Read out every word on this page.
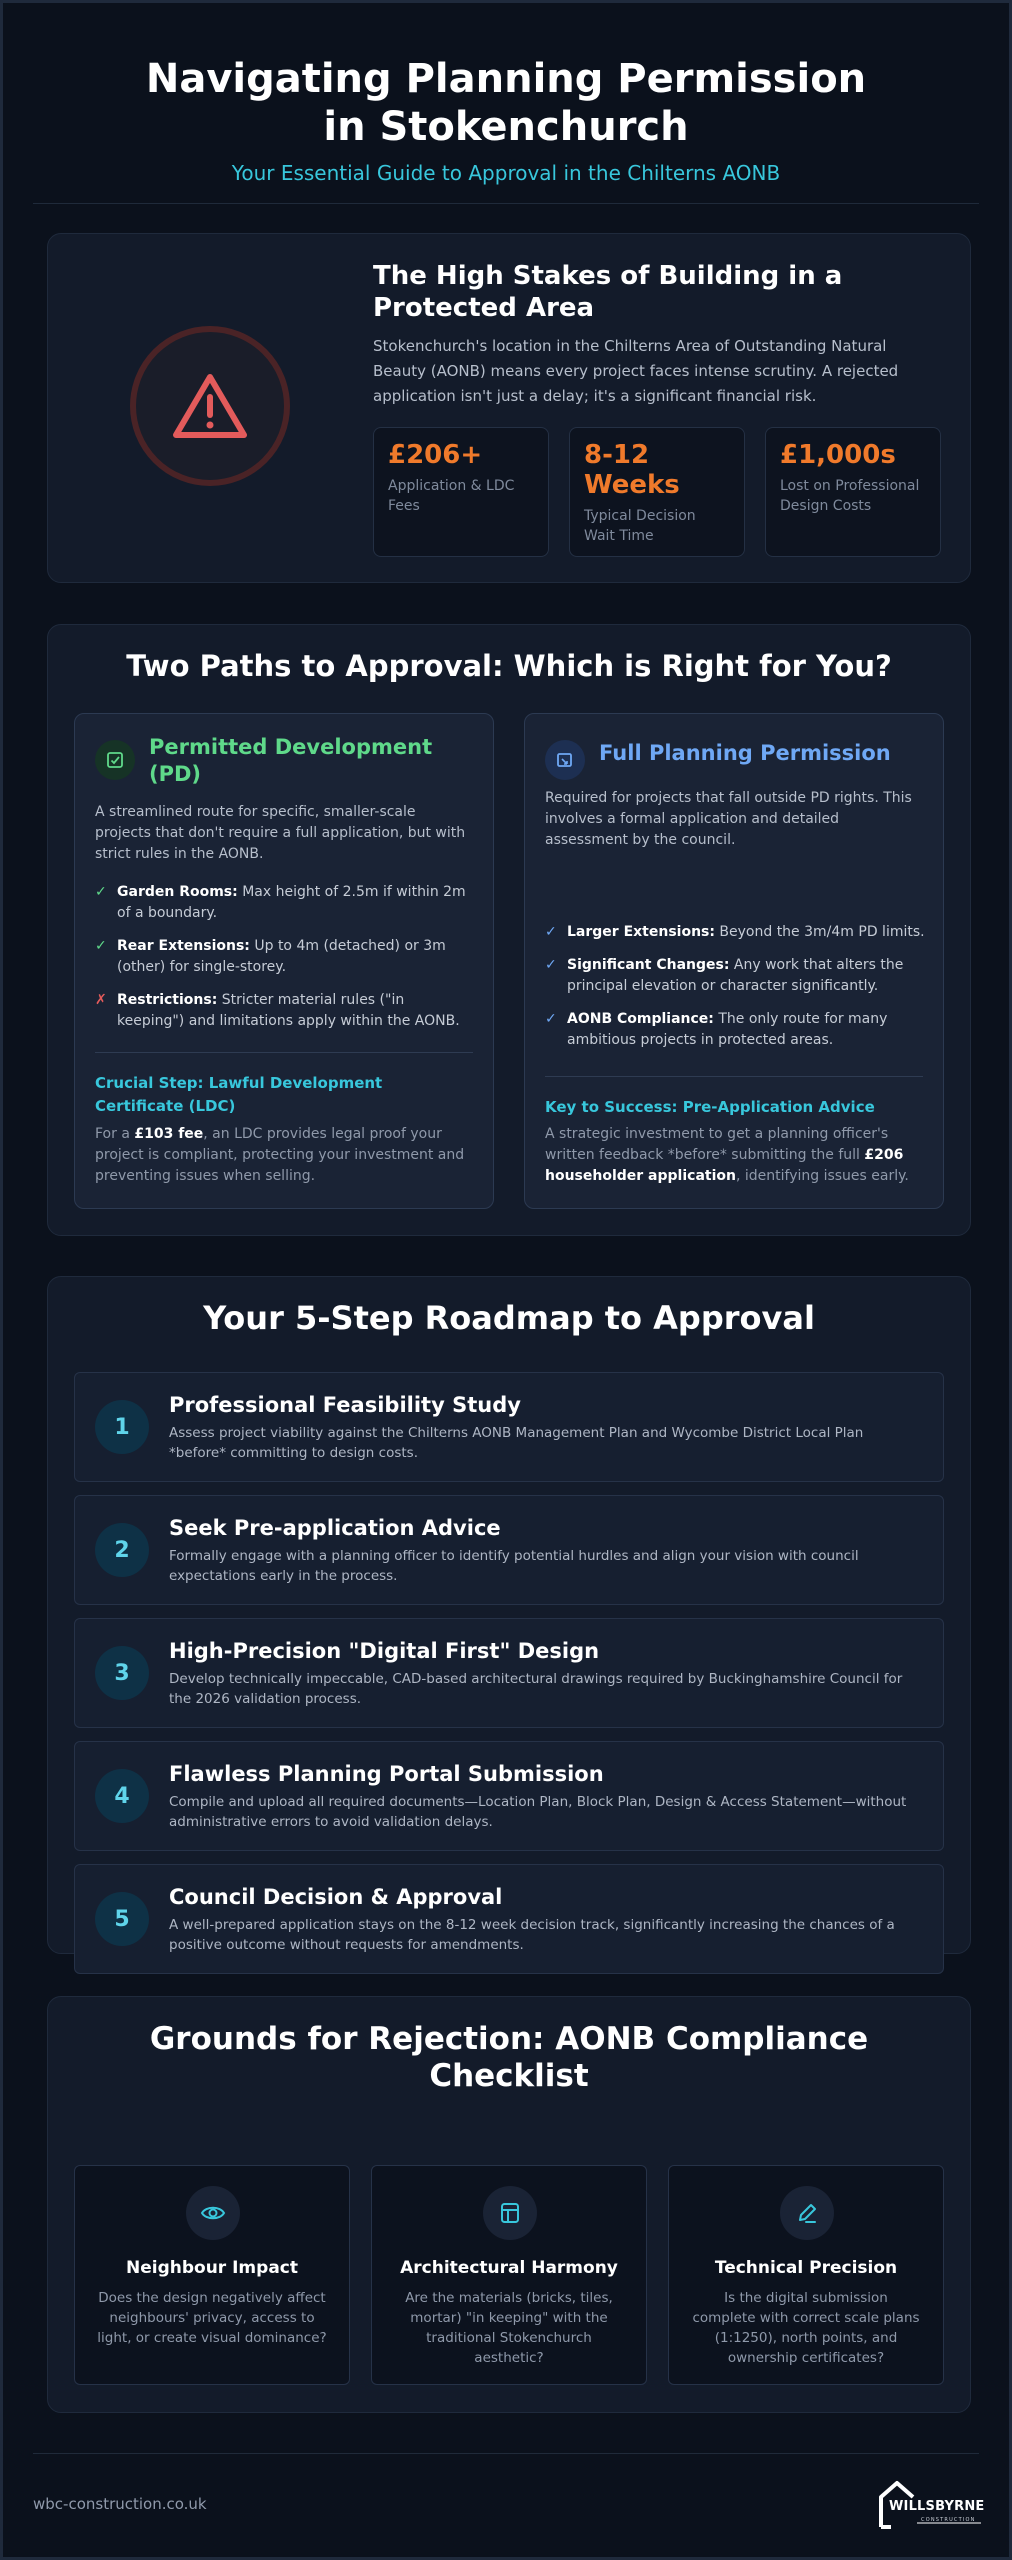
Navigating Planning Permission in Stokenchurch
Your Essential Guide to Approval in the Chilterns AONB
The High Stakes of Building in a Protected Area

Stokenchurch's location in the Chilterns Area of Outstanding Natural Beauty (AONB) means every project faces intense scrutiny. A rejected application isn't just a delay; it's a significant financial risk.

£206+
Application & LDC Fees
8-12 Weeks
Typical Decision Wait Time
£1,000s
Lost on Professional Design Costs
Two Paths to Approval: Which is Right for You?
Permitted Development (PD)

A streamlined route for specific, smaller-scale projects that don't require a full application, but with strict rules in the AONB.

✓ Garden Rooms: Max height of 2.5m if within 2m of a boundary.
✓ Rear Extensions: Up to 4m (detached) or 3m (other) for single-storey.
✗ Restrictions: Stricter material rules ("in keeping") and limitations apply within the AONB.
Crucial Step: Lawful Development Certificate (LDC)

For a £103 fee, an LDC provides legal proof your project is compliant, protecting your investment and preventing issues when selling.

Full Planning Permission

Required for projects that fall outside PD rights. This involves a formal application and detailed assessment by the council.

✓ Larger Extensions: Beyond the 3m/4m PD limits.
✓ Significant Changes: Any work that alters the principal elevation or character significantly.
✓ AONB Compliance: The only route for many ambitious projects in protected areas.
Key to Success: Pre-Application Advice

A strategic investment to get a planning officer's written feedback *before* submitting the full £206 householder application, identifying issues early.

Your 5-Step Roadmap to Approval
1
Professional Feasibility Study

Assess project viability against the Chilterns AONB Management Plan and Wycombe District Local Plan *before* committing to design costs.

2
Seek Pre-application Advice

Formally engage with a planning officer to identify potential hurdles and align your vision with council expectations early in the process.

3
High-Precision "Digital First" Design

Develop technically impeccable, CAD-based architectural drawings required by Buckinghamshire Council for the 2026 validation process.

4
Flawless Planning Portal Submission

Compile and upload all required documents—Location Plan, Block Plan, Design & Access Statement—without administrative errors to avoid validation delays.

5
Council Decision & Approval

A well-prepared application stays on the 8-12 week decision track, significantly increasing the chances of a positive outcome without requests for amendments.

Grounds for Rejection: AONB Compliance Checklist
Neighbour Impact

Does the design negatively affect neighbours' privacy, access to light, or create visual dominance?

Architectural Harmony

Are the materials (bricks, tiles, mortar) "in keeping" with the traditional Stokenchurch aesthetic?

Technical Precision

Is the digital submission complete with correct scale plans (1:1250), north points, and ownership certificates?

wbc-construction.co.uk	WILLSBYRNE
CONSTRUCTION
